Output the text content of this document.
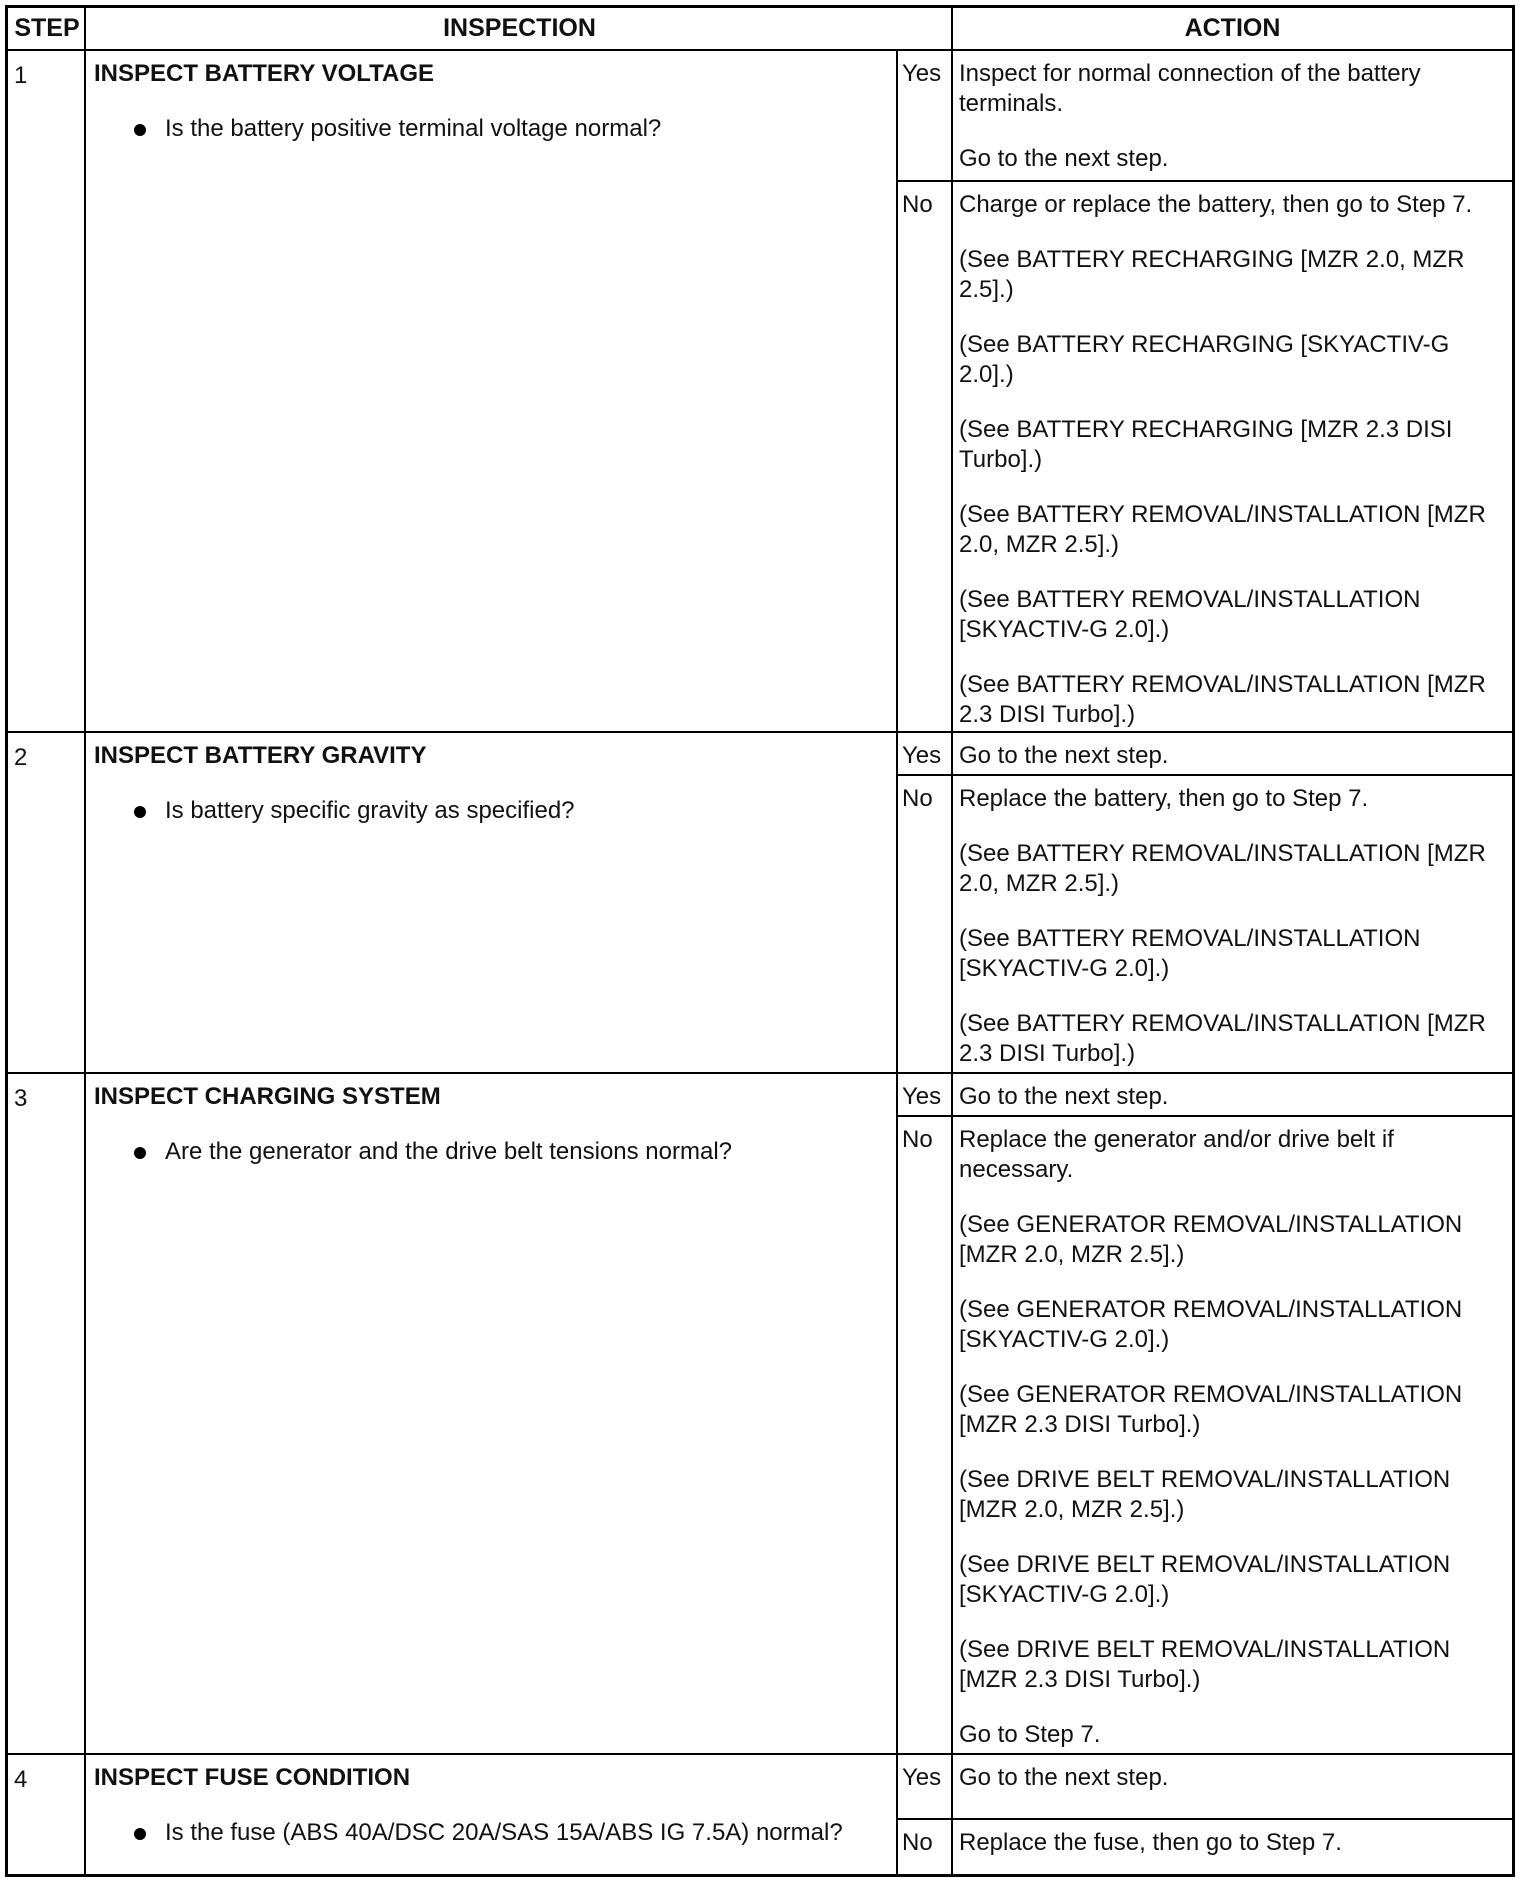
STEP	INSPECTION	ACTION
1	INSPECT BATTERY VOLTAGE

Is the battery positive terminal voltage normal?
Yes Inspect for normal connection of the battery terminals.

Go to the next step.

No	Charge or replace the battery, then go to Step 7.

(See BATTERY RECHARGING [MZR 2.0, MZR 2.5].)

(See BATTERY RECHARGING [SKYACTIV-G 2.0].)

(See BATTERY RECHARGING [MZR 2.3 DISI Turbo].)

(See BATTERY REMOVAL/INSTALLATION [MZR 2.0, MZR 2.5].)

(See BATTERY REMOVAL/INSTALLATION [SKYACTIV-G 2.0].)

(See BATTERY REMOVAL/INSTALLATION [MZR 2.3 DISI Turbo].)

2	INSPECT BATTERY GRAVITY

Is battery specific gravity as specified?
Yes Go to the next step.

No	Replace the battery, then go to Step 7.

(See BATTERY REMOVAL/INSTALLATION [MZR 2.0, MZR 2.5].)

(See BATTERY REMOVAL/INSTALLATION [SKYACTIV-G 2.0].)

(See BATTERY REMOVAL/INSTALLATION [MZR 2.3 DISI Turbo].)

3	INSPECT CHARGING SYSTEM

Are the generator and the drive belt tensions normal?
Yes Go to the next step.

No	Replace the generator and/or drive belt if necessary.

(See GENERATOR REMOVAL/INSTALLATION [MZR 2.0, MZR 2.5].)

(See GENERATOR REMOVAL/INSTALLATION [SKYACTIV-G 2.0].)

(See GENERATOR REMOVAL/INSTALLATION [MZR 2.3 DISI Turbo].)

(See DRIVE BELT REMOVAL/INSTALLATION [MZR 2.0, MZR 2.5].)

(See DRIVE BELT REMOVAL/INSTALLATION [SKYACTIV-G 2.0].)

(See DRIVE BELT REMOVAL/INSTALLATION [MZR 2.3 DISI Turbo].)

Go to Step 7.

4	INSPECT FUSE CONDITION

Is the fuse (ABS 40A/DSC 20A/SAS 15A/ABS IG 7.5A) normal?
Yes Go to the next step.

No	Replace the fuse, then go to Step 7.
